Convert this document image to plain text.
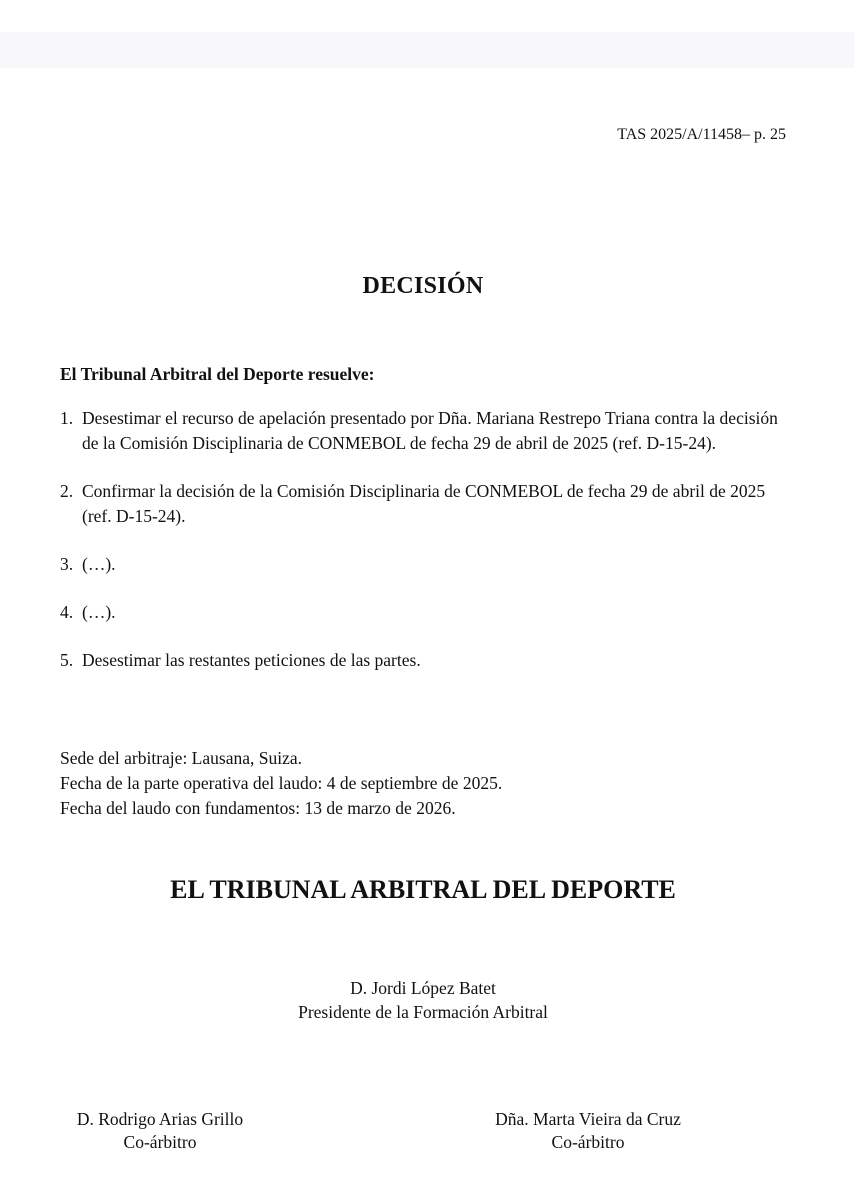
TAS 2025/A/11458– p. 25
DECISIÓN
El Tribunal Arbitral del Deporte resuelve:
1. Desestimar el recurso de apelación presentado por Dña. Mariana Restrepo Triana contra la decisión de la Comisión Disciplinaria de CONMEBOL de fecha 29 de abril de 2025 (ref. D-15-24).
2. Confirmar la decisión de la Comisión Disciplinaria de CONMEBOL de fecha 29 de abril de 2025 (ref. D-15-24).
3. (…).
4. (…).
5. Desestimar las restantes peticiones de las partes.
Sede del arbitraje: Lausana, Suiza.
Fecha de la parte operativa del laudo: 4 de septiembre de 2025.
Fecha del laudo con fundamentos: 13 de marzo de 2026.
EL TRIBUNAL ARBITRAL DEL DEPORTE
D. Jordi López Batet
Presidente de la Formación Arbitral
D. Rodrigo Arias Grillo
Co-árbitro
Dña. Marta Vieira da Cruz
Co-árbitro
